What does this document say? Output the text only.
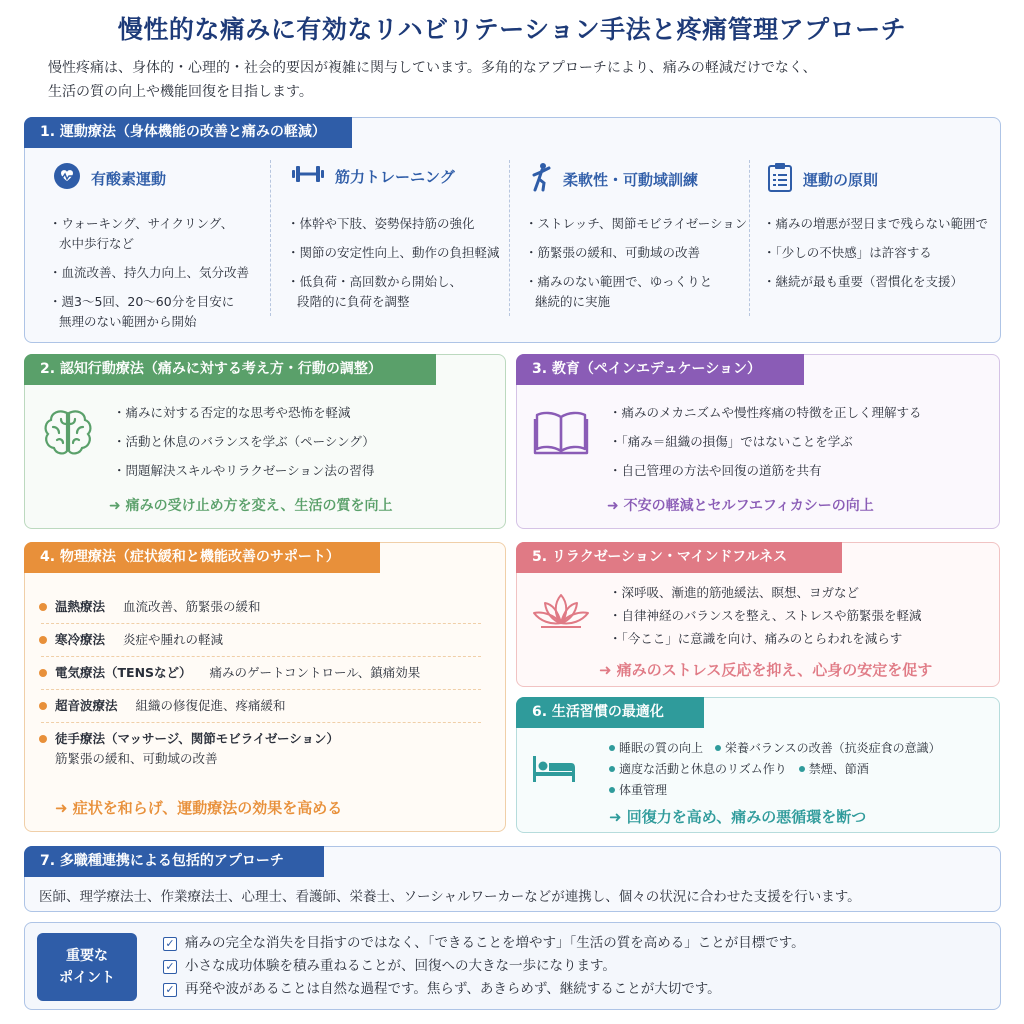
慢性的な痛みに有効なリハビリテーション手法と疼痛管理アプローチ
慢性疼痛は、身体的・心理的・社会的要因が複雑に関与しています。多角的なアプローチにより、痛みの軽減だけでなく、
生活の質の向上や機能回復を目指します。
1. 運動療法（身体機能の改善と痛みの軽減）
有酸素運動
・ウォーキング、サイクリング、
水中歩行など
・血流改善、持久力向上、気分改善
・週3〜5回、20〜60分を目安に
無理のない範囲から開始
筋力トレーニング
・体幹や下肢、姿勢保持筋の強化
・関節の安定性向上、動作の負担軽減
・低負荷・高回数から開始し、
段階的に負荷を調整
柔軟性・可動域訓練
・ストレッチ、関節モビライゼーション
・筋緊張の緩和、可動域の改善
・痛みのない範囲で、ゆっくりと
継続的に実施
運動の原則
・痛みの増悪が翌日まで残らない範囲で
・「少しの不快感」は許容する
・継続が最も重要（習慣化を支援）
2. 認知行動療法（痛みに対する考え方・行動の調整）
・痛みに対する否定的な思考や恐怖を軽減
・活動と休息のバランスを学ぶ（ペーシング）
・問題解決スキルやリラクゼーション法の習得
➜ 痛みの受け止め方を変え、生活の質を向上
3. 教育（ペインエデュケーション）
・痛みのメカニズムや慢性疼痛の特徴を正しく理解する
・「痛み＝組織の損傷」ではないことを学ぶ
・自己管理の方法や回復の道筋を共有
➜ 不安の軽減とセルフエフィカシーの向上
4. 物理療法（症状緩和と機能改善のサポート）
温熱療法 血流改善、筋緊張の緩和
寒冷療法 炎症や腫れの軽減
電気療法（TENSなど） 痛みのゲートコントロール、鎮痛効果
超音波療法 組織の修復促進、疼痛緩和
徒手療法（マッサージ、関節モビライゼーション）
筋緊張の緩和、可動域の改善
➜ 症状を和らげ、運動療法の効果を高める
5. リラクゼーション・マインドフルネス
・深呼吸、漸進的筋弛緩法、瞑想、ヨガなど
・自律神経のバランスを整え、ストレスや筋緊張を軽減
・「今ここ」に意識を向け、痛みのとらわれを減らす
➜ 痛みのストレス反応を抑え、心身の安定を促す
6. 生活習慣の最適化
睡眠の質の向上 栄養バランスの改善（抗炎症食の意識）
適度な活動と休息のリズム作り 禁煙、節酒
体重管理
➜ 回復力を高め、痛みの悪循環を断つ
7. 多職種連携による包括的アプローチ
医師、理学療法士、作業療法士、心理士、看護師、栄養士、ソーシャルワーカーなどが連携し、個々の状況に合わせた支援を行います。
重要な
ポイント
✓ 痛みの完全な消失を目指すのではなく、「できることを増やす」「生活の質を高める」ことが目標です。
✓ 小さな成功体験を積み重ねることが、回復への大きな一歩になります。
✓ 再発や波があることは自然な過程です。焦らず、あきらめず、継続することが大切です。
